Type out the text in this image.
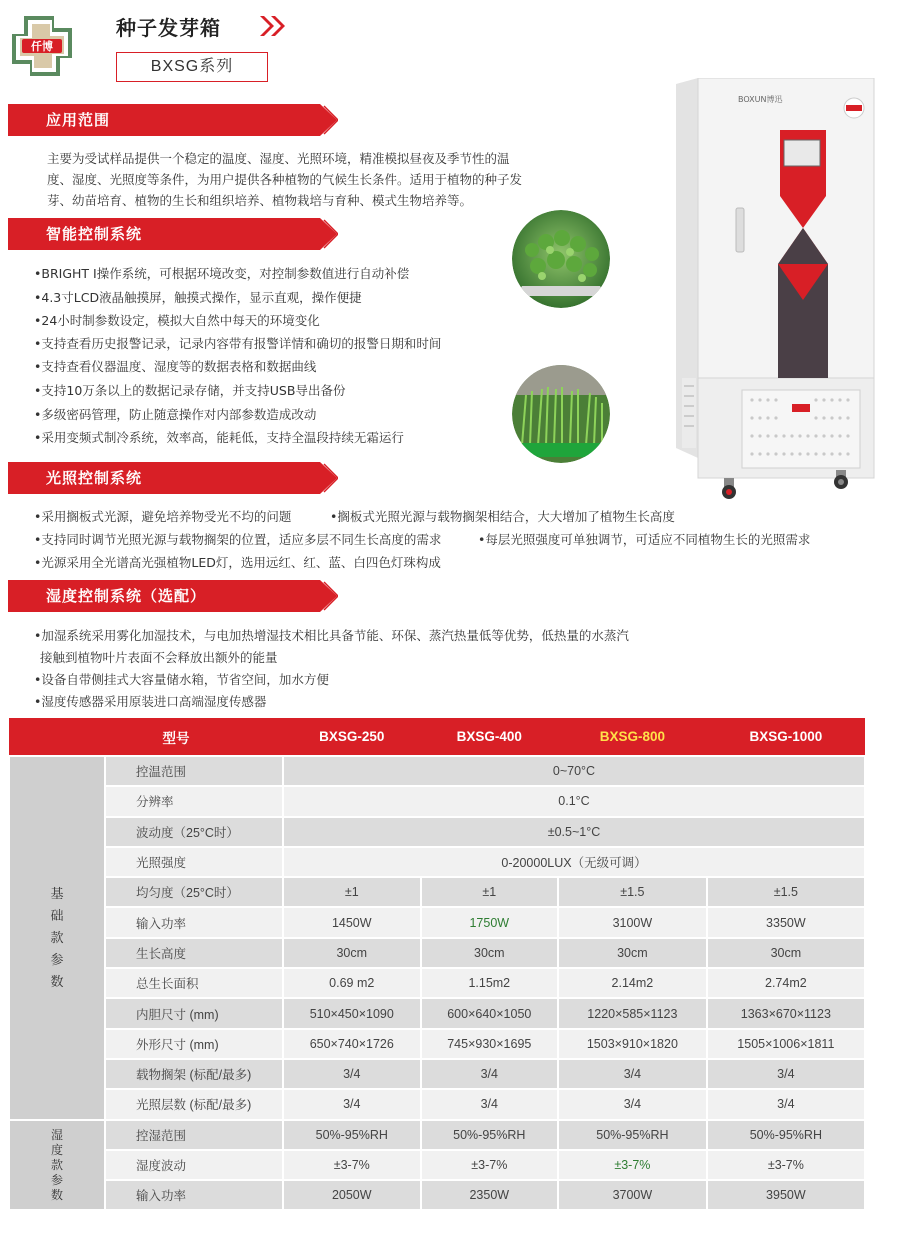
仟博
种子发芽箱
BXSG系列
应用范围
主要为受试样品提供一个稳定的温度、湿度、光照环境，精准模拟昼夜及季节性的温度、湿度、光照度等条件，为用户提供各种植物的气候生长条件。适用于植物的种子发芽、幼苗培育、植物的生长和组织培养、植物栽培与育种、模式生物培养等。
智能控制系统
•BRIGHT Ⅰ操作系统，可根据环境改变，对控制参数值进行自动补偿
•4.3寸LCD液晶触摸屏，触摸式操作，显示直观，操作便捷
•24小时制参数设定，模拟大自然中每天的环境变化
•支持查看历史报警记录，记录内容带有报警详情和确切的报警日期和时间
•支持查看仪器温度、湿度等的数据表格和数据曲线
•支持10万条以上的数据记录存储，并支持USB导出备份
•多级密码管理，防止随意操作对内部参数造成改动
•采用变频式制冷系统，效率高，能耗低，支持全温段持续无霜运行
BOXUN博迅
光照控制系统
•采用搁板式光源，避免培养物受光不均的问题	•搁板式光照光源与载物搁架相结合，大大增加了植物生长高度
•支持同时调节光照光源与载物搁架的位置，适应多层不同生长高度的需求	•每层光照强度可单独调节，可适应不同植物生长的光照需求
•光源采用全光谱高光强植物LED灯，选用远红、红、蓝、白四色灯珠构成
湿度控制系统（选配）
•加湿系统采用雾化加湿技术，与电加热增湿技术相比具备节能、环保、蒸汽热量低等优势，低热量的水蒸汽
接触到植物叶片表面不会释放出额外的能量
•设备自带侧挂式大容量储水箱，节省空间，加水方便
•湿度传感器采用原装进口高端湿度传感器
型号		BXSG-250	BXSG-400	BXSG-800	BXSG-1000

基
础
款
参
数	控温范围	0~70°C			
	分辨率	0.1°C			
	波动度（25°C时）	±0.5~1°C			
	光照强度	0-20000LUX（无级可调）			
	均匀度（25°C时）	±1	±1	±1.5	±1.5
	输入功率	1450W	1750W	3100W	3350W
	生长高度	30cm	30cm	30cm	30cm
	总生长面积	0.69 m2	1.15m2	2.14m2	2.74m2
	内胆尺寸 (mm)	510×450×1090	600×640×1050	1220×585×1123	1363×670×1123
	外形尺寸 (mm)	650×740×1726	745×930×1695	1503×910×1820	1505×1006×1811
	载物搁架 (标配/最多)	3/4	3/4	3/4	3/4
	光照层数 (标配/最多)	3/4	3/4	3/4	3/4

湿
度
款
参
数	控湿范围	50%-95%RH	50%-95%RH	50%-95%RH	50%-95%RH
	湿度波动	±3-7%	±3-7%	±3-7%	±3-7%
	输入功率	2050W	2350W	3700W	3950W
